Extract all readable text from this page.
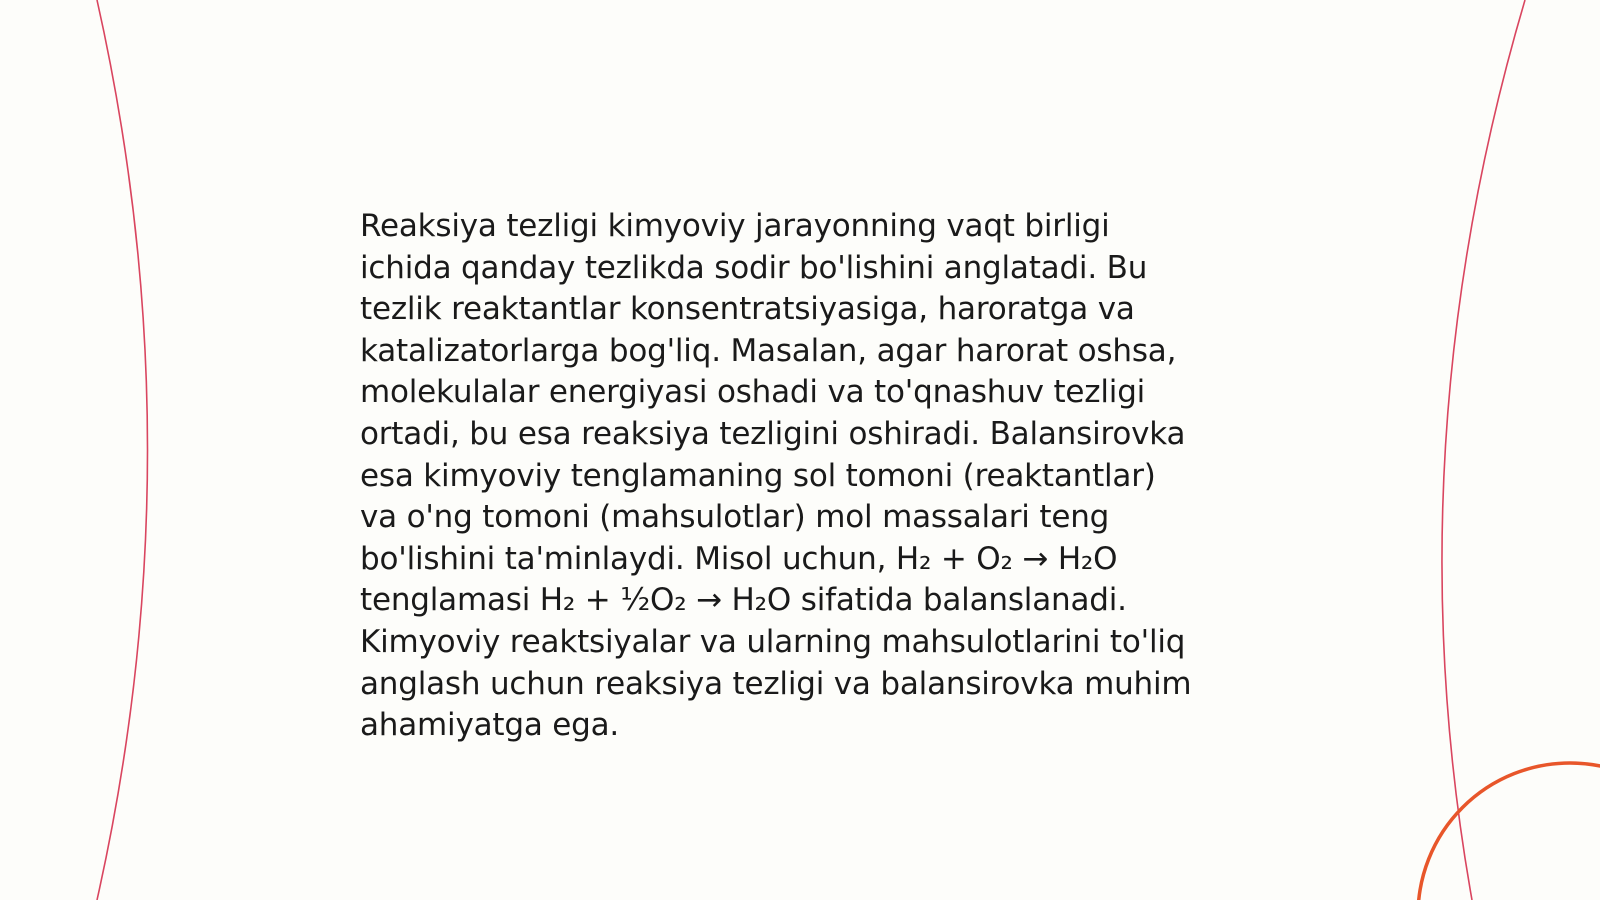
Reaksiya tezligi kimyoviy jarayonning vaqt birligi
ichida qanday tezlikda sodir bo'lishini anglatadi. Bu
tezlik reaktantlar konsentratsiyasiga, haroratga va
katalizatorlarga bog'liq. Masalan, agar harorat oshsa,
molekulalar energiyasi oshadi va to'qnashuv tezligi
ortadi, bu esa reaksiya tezligini oshiradi. Balansirovka
esa kimyoviy tenglamaning sol tomoni (reaktantlar)
va o'ng tomoni (mahsulotlar) mol massalari teng
bo'lishini ta'minlaydi. Misol uchun, H₂ + O₂ → H₂O
tenglamasi H₂ + ½O₂ → H₂O sifatida balanslanadi.
Kimyoviy reaktsiyalar va ularning mahsulotlarini to'liq
anglash uchun reaksiya tezligi va balansirovka muhim
ahamiyatga ega.
